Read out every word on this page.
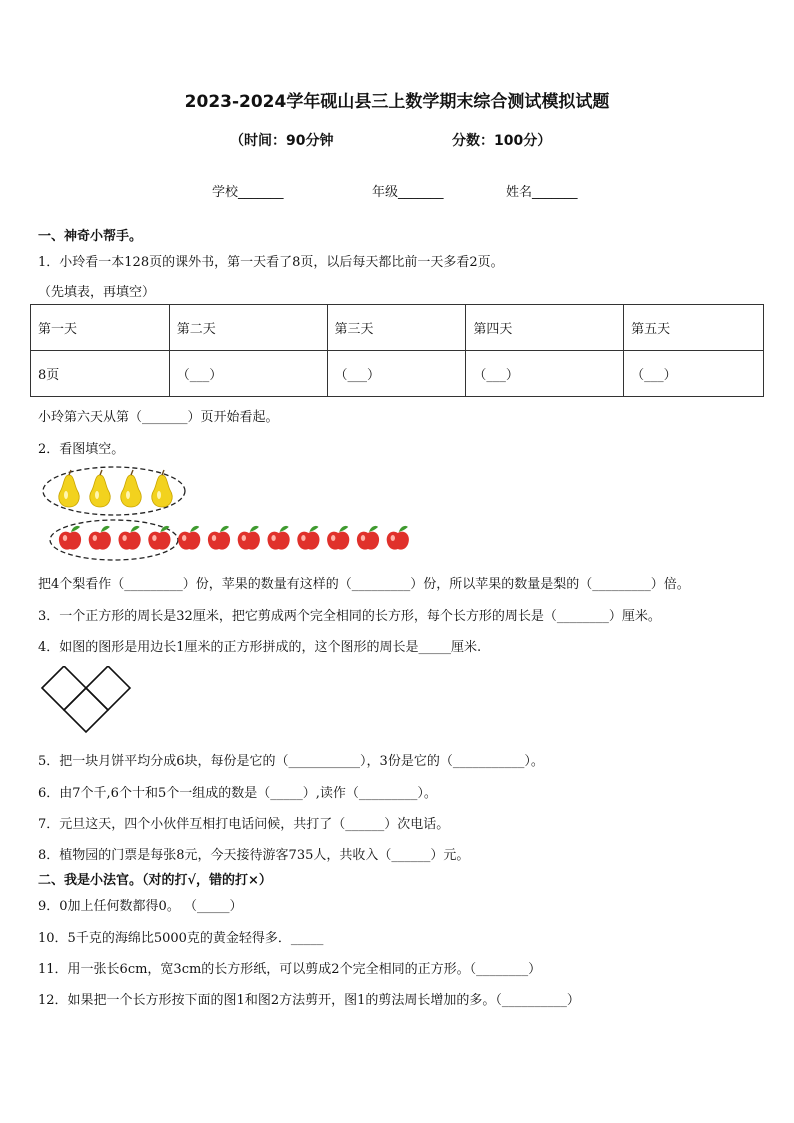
2023-2024学年砚山县三上数学期末综合测试模拟试题
（时间：90分钟	分数：100分）
学校_______	年级_______	姓名_______
一、神奇小帮手。
1．小玲看一本128页的课外书，第一天看了8页，以后每天都比前一天多看2页。
（先填表，再填空）
第一天	第二天	第三天	第四天	第五天
8页	（___）	（___）	（___）	（___）
小玲第六天从第（_______）页开始看起。
2．看图填空。
把4个梨看作（_________）份，苹果的数量有这样的（_________）份，所以苹果的数量是梨的（_________）倍。
3．一个正方形的周长是32厘米，把它剪成两个完全相同的长方形，每个长方形的周长是（________）厘米。
4．如图的图形是用边长1厘米的正方形拼成的，这个图形的周长是_____厘米.
5．把一块月饼平均分成6块，每份是它的（___________），3份是它的（___________）。
6．由7个千,6个十和5个一组成的数是（_____）,读作（_________）。
7．元旦这天，四个小伙伴互相打电话问候，共打了（______）次电话。
8．植物园的门票是每张8元，今天接待游客735人，共收入（______）元。
二、我是小法官。（对的打√，错的打×）
9．0加上任何数都得0。 （_____）
10．5千克的海绵比5000克的黄金轻得多．_____
11．用一张长6cm，宽3cm的长方形纸，可以剪成2个完全相同的正方形。（________）
12．如果把一个长方形按下面的图1和图2方法剪开，图1的剪法周长增加的多。（__________）
